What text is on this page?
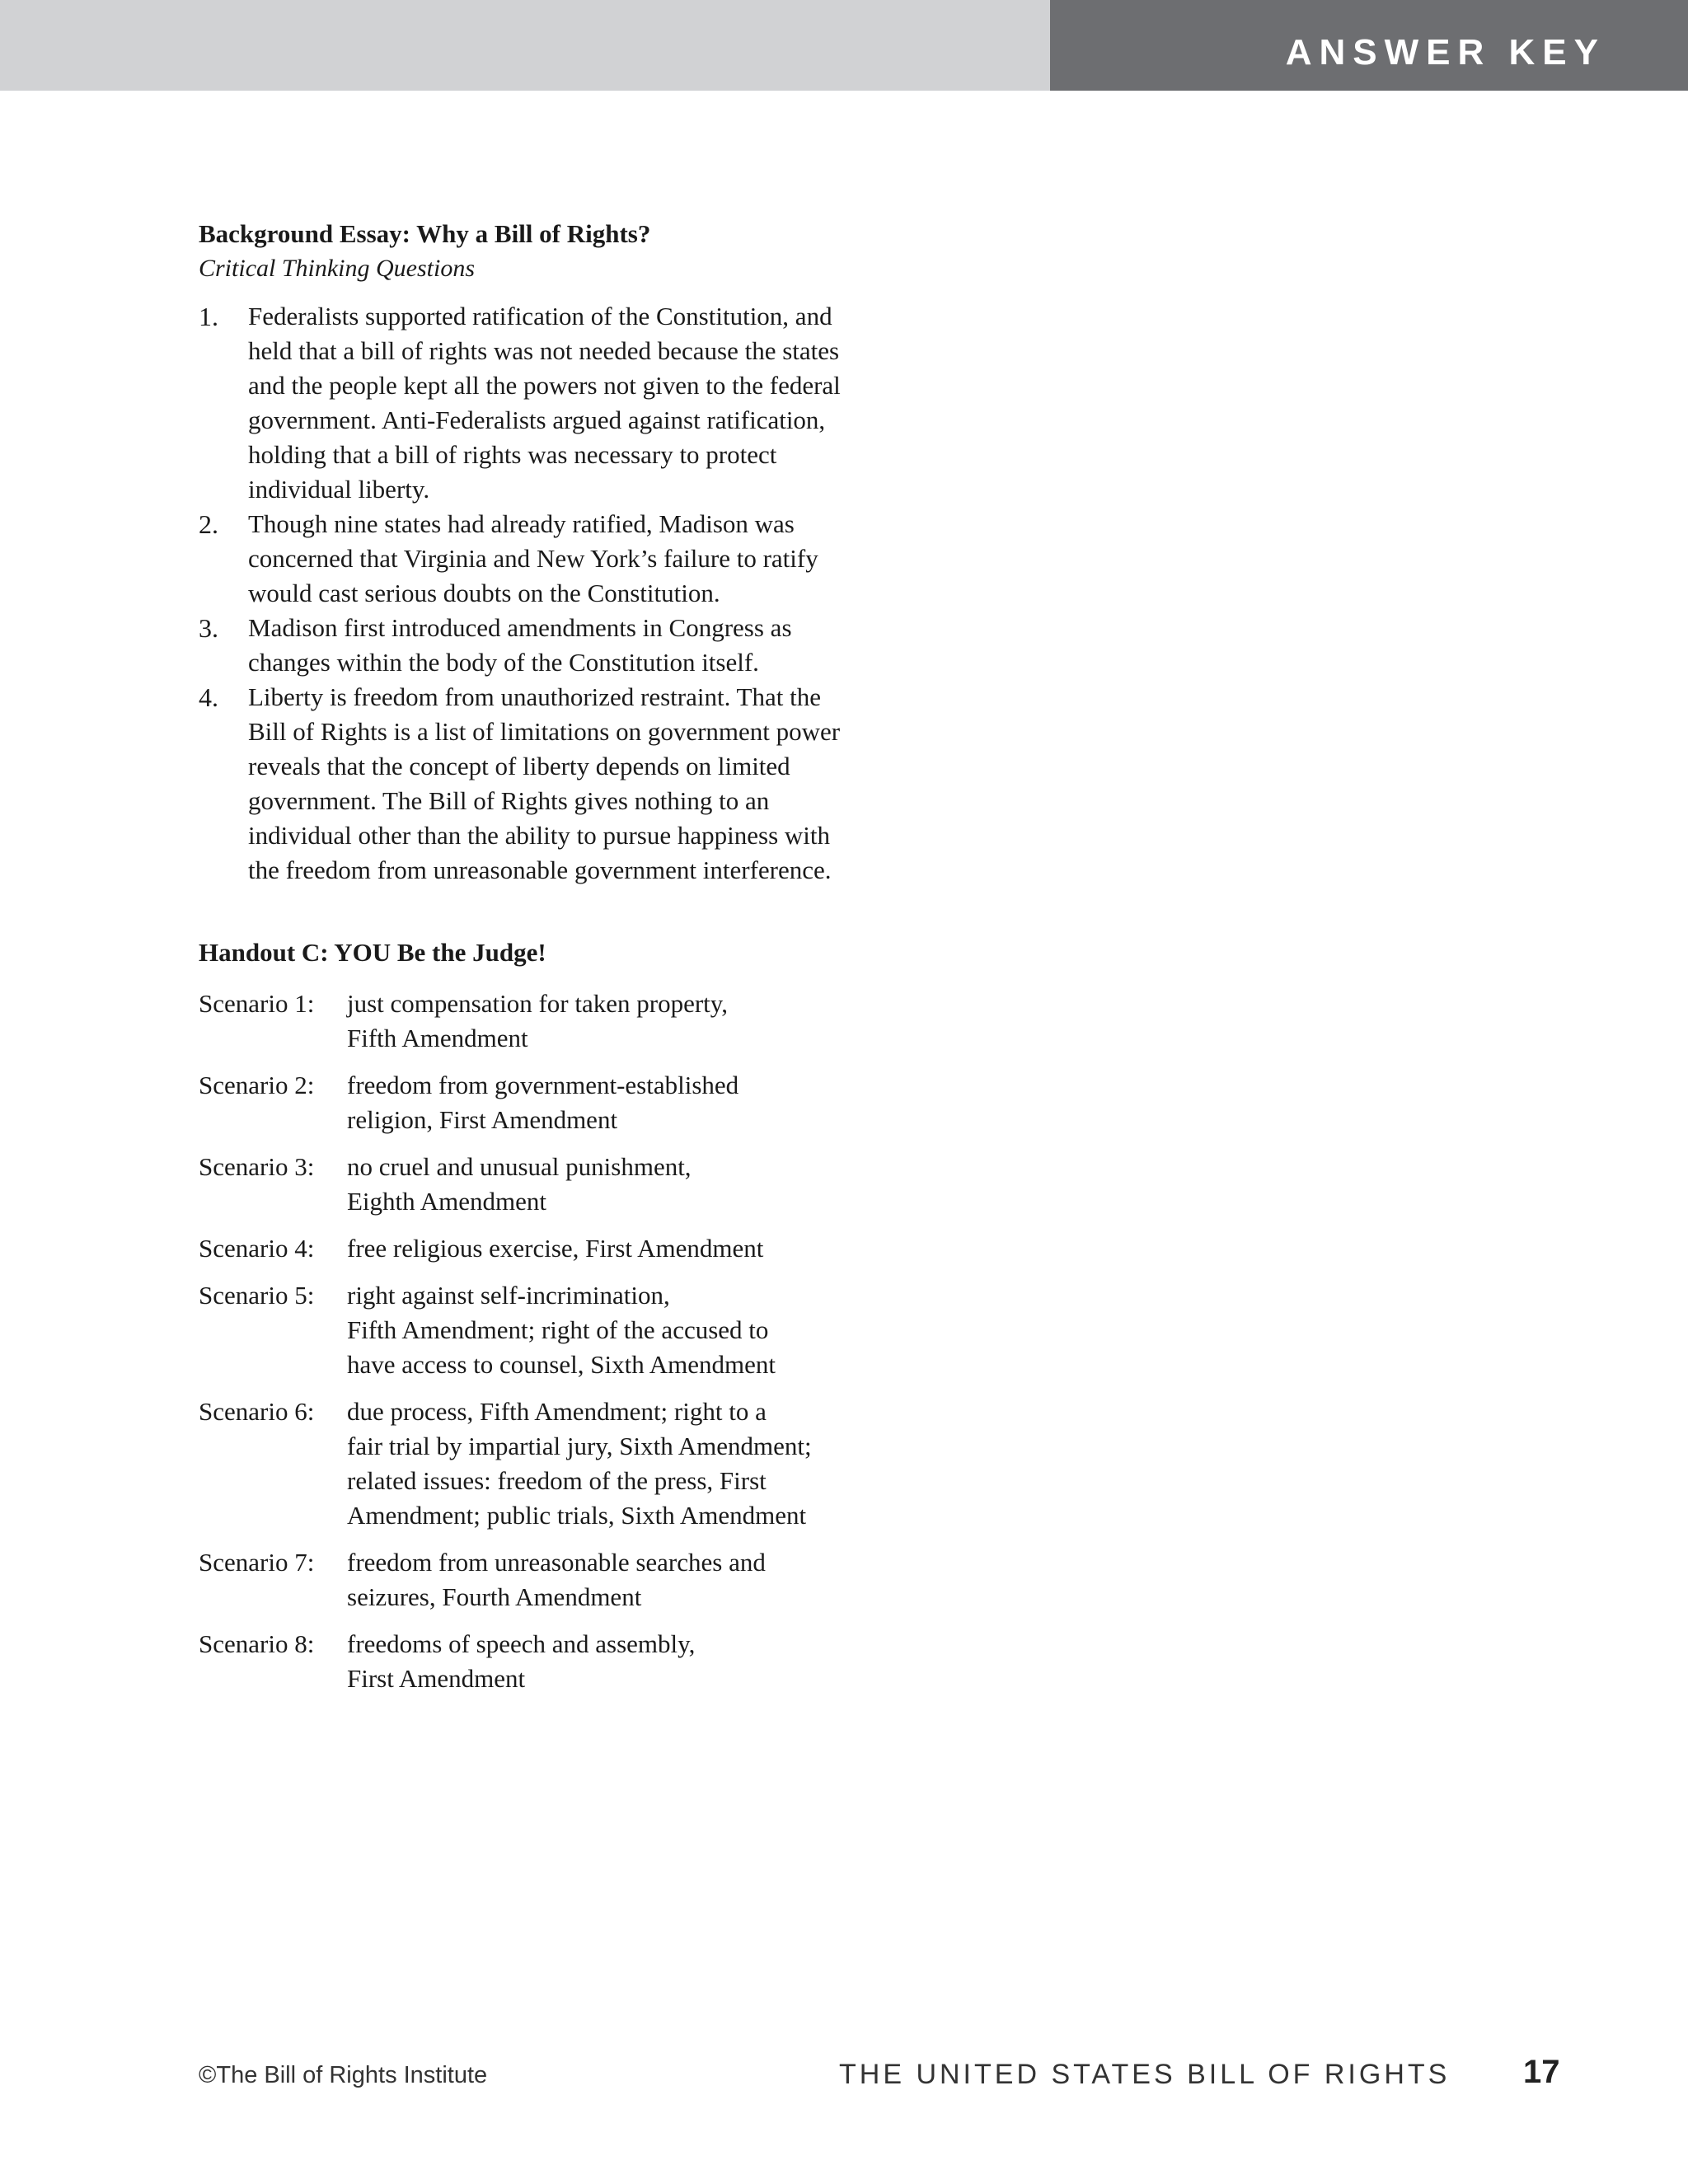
ANSWER KEY
Background Essay: Why a Bill of Rights?

Critical Thinking Questions

1.	Federalists supported ratification of the Constitution, and held that a bill of rights was not needed because the states and the people kept all the powers not given to the federal government. Anti-Federalists argued against ratification, holding that a bill of rights was necessary to protect individual liberty.
2.	Though nine states had already ratified, Madison was concerned that Virginia and New York’s failure to ratify would cast serious doubts on the Constitution.
3.	Madison first introduced amendments in Congress as changes within the body of the Constitution itself.
4.	Liberty is freedom from unauthorized restraint. That the Bill of Rights is a list of limitations on government power reveals that the concept of liberty depends on limited government. The Bill of Rights gives nothing to an individual other than the ability to pursue happiness with the freedom from unreasonable government interference.
Handout C: YOU Be the Judge!
Scenario 1:	just compensation for taken property,
Fifth Amendment
Scenario 2:	freedom from government-established
religion, First Amendment
Scenario 3:	no cruel and unusual punishment,
Eighth Amendment
Scenario 4:	free religious exercise, First Amendment
Scenario 5:	right against self-incrimination,
Fifth Amendment; right of the accused to
have access to counsel, Sixth Amendment
Scenario 6:	due process, Fifth Amendment; right to a
fair trial by impartial jury, Sixth Amendment;
related issues: freedom of the press, First
Amendment; public trials, Sixth Amendment
Scenario 7:	freedom from unreasonable searches and
seizures, Fourth Amendment
Scenario 8:	freedoms of speech and assembly,
First Amendment
©The Bill of Rights Institute	THE UNITED STATES BILL OF RIGHTS 17
